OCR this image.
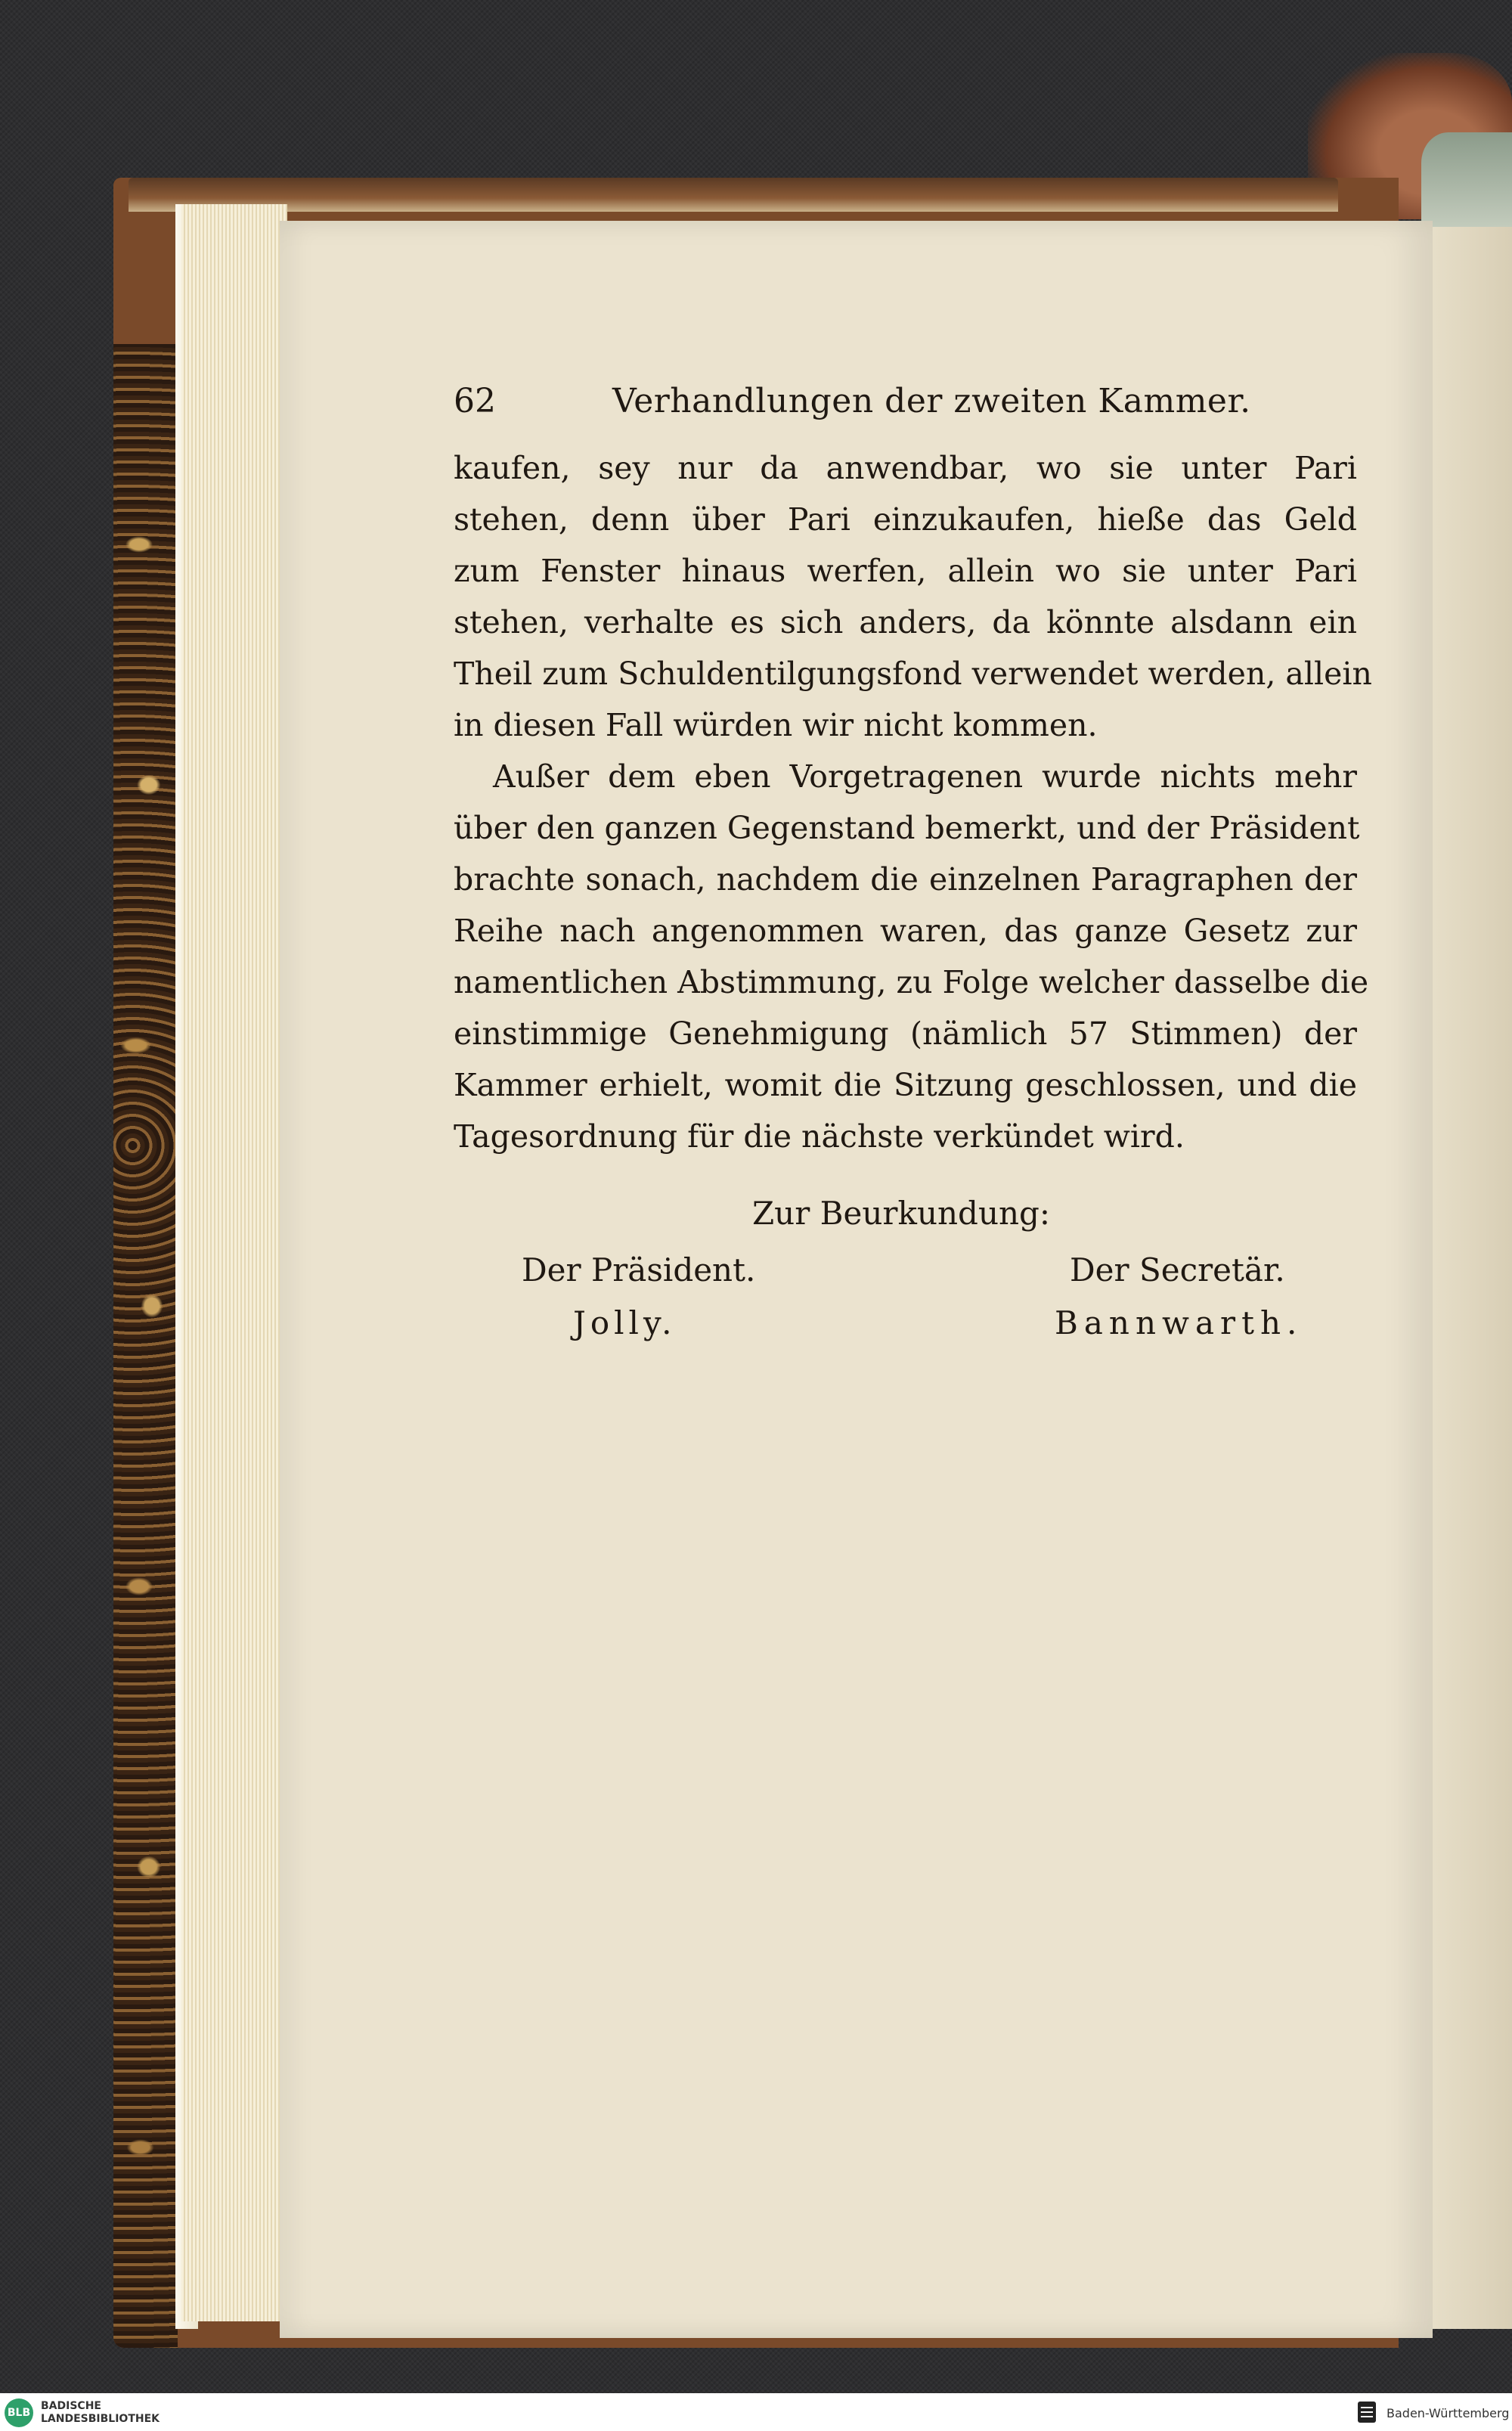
62	Verhandlungen der zweiten Kammer.
kaufen, sey nur da anwendbar, wo sie unter Pari
stehen, denn über Pari einzukaufen, hieße das Geld
zum Fenster hinaus werfen, allein wo sie unter Pari
stehen, verhalte es sich anders, da könnte alsdann ein
Theil zum Schuldentilgungsfond verwendet werden, allein
in diesen Fall würden wir nicht kommen.
Außer dem eben Vorgetragenen wurde nichts mehr
über den ganzen Gegenstand bemerkt, und der Präsident
brachte sonach, nachdem die einzelnen Paragraphen der
Reihe nach angenommen waren, das ganze Gesetz zur
namentlichen Abstimmung, zu Folge welcher dasselbe die
einstimmige Genehmigung (nämlich 57 Stimmen) der
Kammer erhielt, womit die Sitzung geschlossen, und die
Tagesordnung für die nächste verkündet wird.
Zur Beurkundung:
Der Präsident.	Der Secretär.
Jolly.	Bannwarth.
BLB
BADISCHE
LANDESBIBLIOTHEK	Baden-Württemberg
